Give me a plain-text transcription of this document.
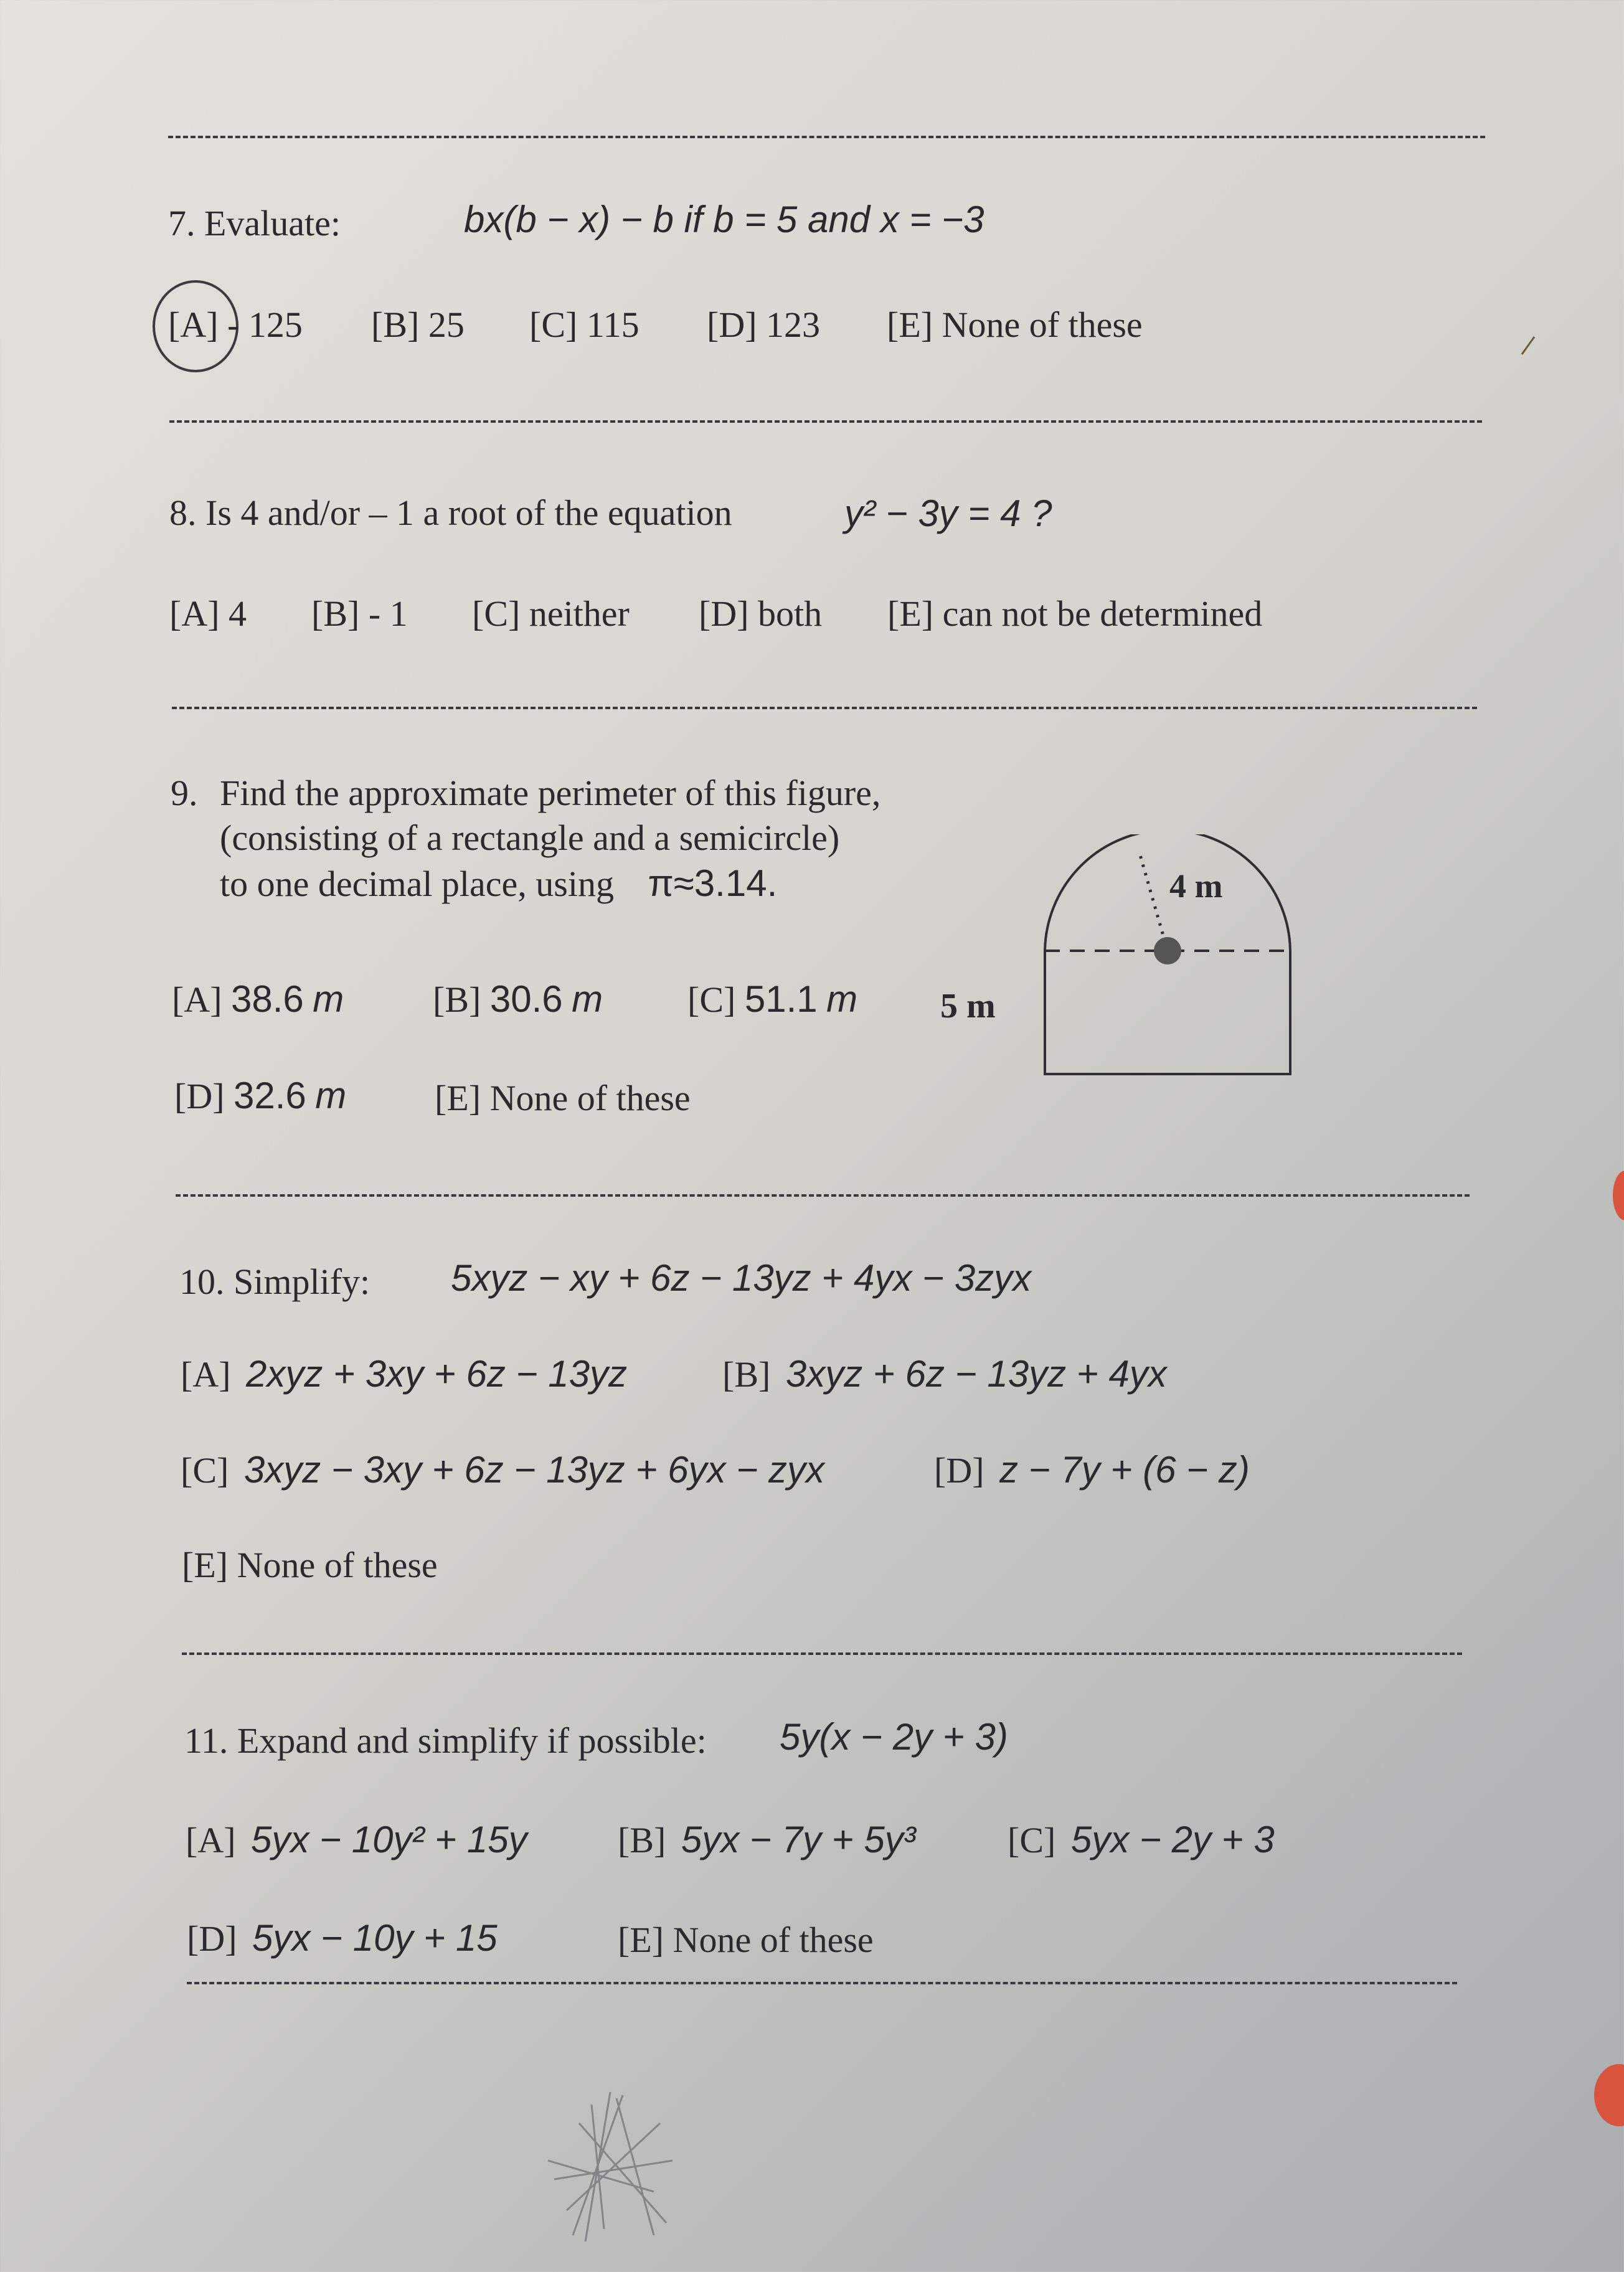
7. Evaluate:	bx(b − x) − b if b = 5 and x = −3
[A] - 125 [B] 25 [C] 115 [D] 123 [E] None of these
8. Is 4 and/or – 1 a root of the equation	y² − 3y = 4 ?
[A] 4 [B] - 1 [C] neither [D] both [E] can not be determined
9. Find the approximate perimeter of this figure,
(consisting of a rectangle and a semicircle)
to one decimal place, using π≈3.14.	4 m
5 m
[A] 38.6 m [B] 30.6 m [C] 51.1 m
[D] 32.6 m [E] None of these
10. Simplify: 5xyz − xy + 6z − 13yz + 4yx − 3zyx
[A] 2xyz + 3xy + 6z − 13yz	[B] 3xyz + 6z − 13yz + 4yx
[C] 3xyz − 3xy + 6z − 13yz + 6yx − zyx	[D] z − 7y + (6 − z)
[E] None of these
11. Expand and simplify if possible: 5y(x − 2y + 3)
[A] 5yx − 10y² + 15y	[B] 5yx − 7y + 5y³	[C] 5yx − 2y + 3
[D] 5yx − 10y + 15	[E] None of these
